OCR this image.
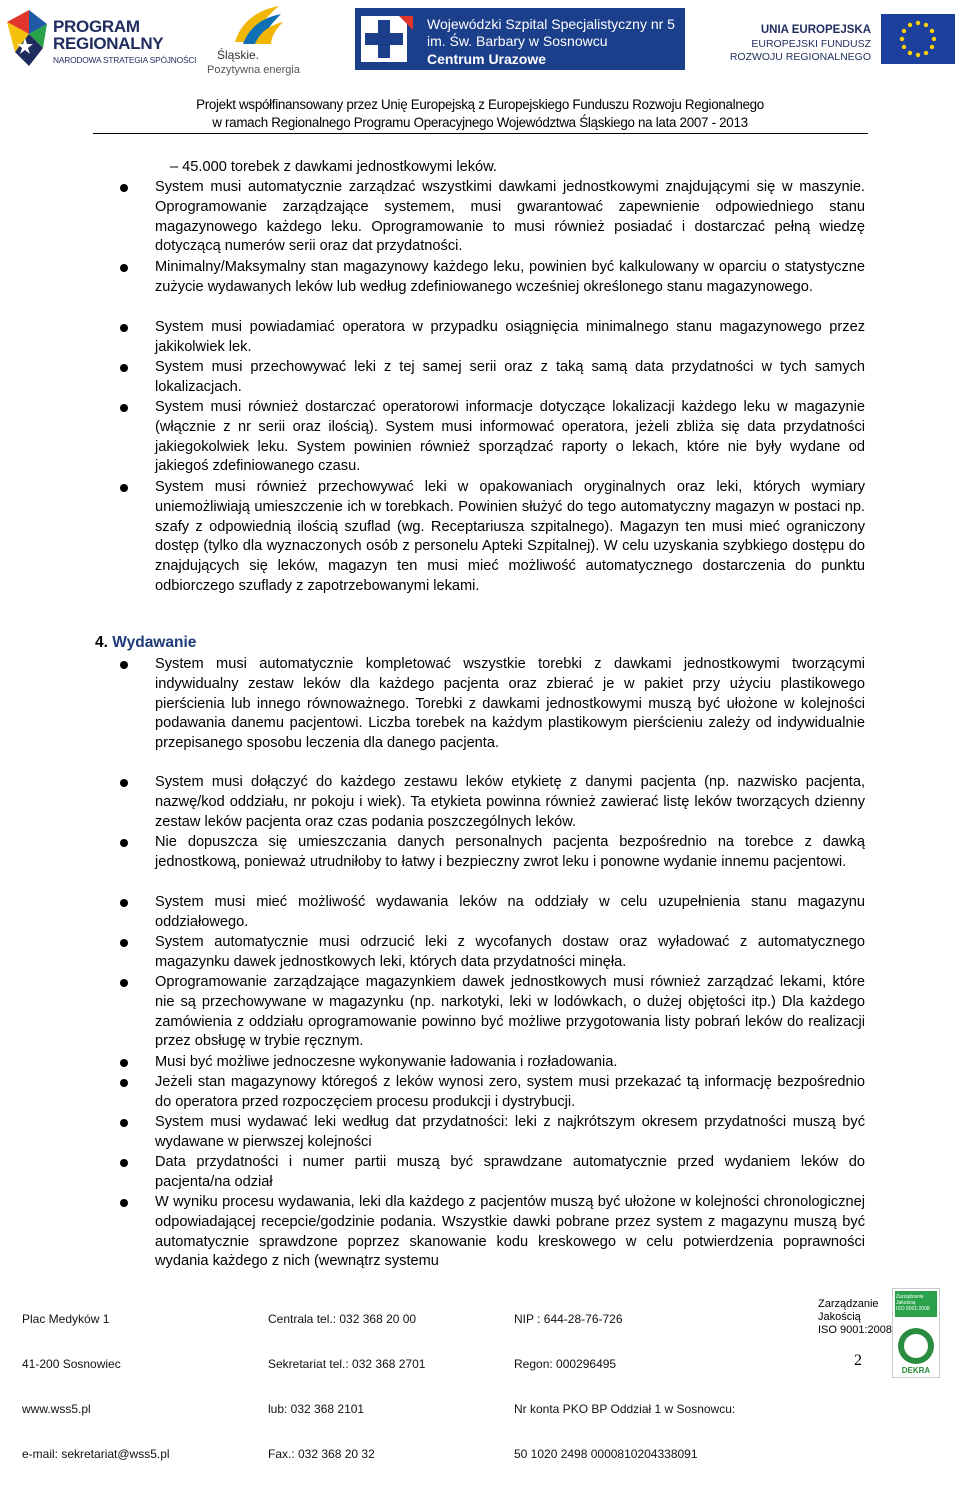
PROGRAM
REGIONALNY
NARODOWA STRATEGIA SPÓJNOŚCI Śląskie.
Pozytywna energia
Wojewódzki Szpital Specjalistyczny nr 5
im. Św. Barbary w Sosnowcu
Centrum Urazowe
UNIA EUROPEJSKA
EUROPEJSKI FUNDUSZ
ROZWOJU REGIONALNEGO
Projekt współfinansowany przez Unię Europejską z Europejskiego Funduszu Rozwoju Regionalnego
w ramach Regionalnego Programu Operacyjnego Województwa Śląskiego na lata 2007 - 2013
– 45.000 torebek z dawkami jednostkowymi leków.
System musi automatycznie zarządzać wszystkimi dawkami jednostkowymi znajdującymi się w maszynie. Oprogramowanie zarządzające systemem, musi gwarantować zapewnienie odpowiedniego stanu magazynowego każdego leku. Oprogramowanie to musi również posiadać i dostarczać pełną wiedzę dotyczącą numerów serii oraz dat przydatności.
Minimalny/Maksymalny stan magazynowy każdego leku, powinien być kalkulowany w oparciu o statystyczne zużycie wydawanych leków lub według zdefiniowanego wcześniej określonego stanu magazynowego.
System musi powiadamiać operatora w przypadku osiągnięcia minimalnego stanu magazynowego przez jakikolwiek lek.
System musi przechowywać leki z tej samej serii oraz z taką samą data przydatności w tych samych lokalizacjach.
System musi również dostarczać operatorowi informacje dotyczące lokalizacji każdego leku w magazynie (włącznie z nr serii oraz ilością). System musi informować operatora, jeżeli zbliża się data przydatności jakiegokolwiek leku. System powinien również sporządzać raporty o lekach, które nie były wydane od jakiegoś zdefiniowanego czasu.
System musi również przechowywać leki w opakowaniach oryginalnych oraz leki, których wymiary uniemożliwiają umieszczenie ich w torebkach. Powinien służyć do tego automatyczny magazyn w postaci np. szafy z odpowiednią ilością szuflad (wg. Receptariusza szpitalnego). Magazyn ten musi mieć ograniczony dostęp (tylko dla wyznaczonych osób z personelu Apteki Szpitalnej). W celu uzyskania szybkiego dostępu do znajdujących się leków, magazyn ten musi mieć możliwość automatycznego dostarczenia do punktu odbiorczego szuflady z zapotrzebowanymi lekami.
4. Wydawanie
System musi automatycznie kompletować wszystkie torebki z dawkami jednostkowymi tworzącymi indywidualny zestaw leków dla każdego pacjenta oraz zbierać je w pakiet przy użyciu plastikowego pierścienia lub innego równoważnego. Torebki z dawkami jednostkowymi muszą być ułożone w kolejności podawania danemu pacjentowi. Liczba torebek na każdym plastikowym pierścieniu zależy od indywidualnie przepisanego sposobu leczenia dla danego pacjenta.
System musi dołączyć do każdego zestawu leków etykietę z danymi pacjenta (np. nazwisko pacjenta, nazwę/kod oddziału, nr pokoju i wiek). Ta etykieta powinna również zawierać listę leków tworzących dzienny zestaw leków pacjenta oraz czas podania poszczególnych leków.
Nie dopuszcza się umieszczania danych personalnych pacjenta bezpośrednio na torebce z dawką jednostkową, ponieważ utrudniłoby to łatwy i bezpieczny zwrot leku i ponowne wydanie innemu pacjentowi.
System musi mieć możliwość wydawania leków na oddziały w celu uzupełnienia stanu magazynu oddziałowego.
System automatycznie musi odrzucić leki z wycofanych dostaw oraz wyładować z automatycznego magazynku dawek jednostkowych leki, których data przydatności minęła.
Oprogramowanie zarządzające magazynkiem dawek jednostkowych musi również zarządzać lekami, które nie są przechowywane w magazynku (np. narkotyki, leki w lodówkach, o dużej objętości itp.) Dla każdego zamówienia z oddziału oprogramowanie powinno być możliwe przygotowania listy pobrań leków do realizacji przez obsługę w trybie ręcznym.
Musi być możliwe jednoczesne wykonywanie ładowania i rozładowania.
Jeżeli stan magazynowy któregoś z leków wynosi zero, system musi przekazać tą informację bezpośrednio do operatora przed rozpoczęciem procesu produkcji i dystrybucji.
System musi wydawać leki według dat przydatności: leki z najkrótszym okresem przydatności muszą być wydawane w pierwszej kolejności
Data przydatności i numer partii muszą być sprawdzane automatycznie przed wydaniem leków do pacjenta/na odział
W wyniku procesu wydawania, leki dla każdego z pacjentów muszą być ułożone w kolejności chronologicznej odpowiadającej recepcie/godzinie podania. Wszystkie dawki pobrane przez system z magazynu muszą być automatycznie sprawdzone poprzez skanowanie kodu kreskowego w celu potwierdzenia poprawności wydania każdego z nich (wewnątrz systemu

Plac Medyków 1

41-200 Sosnowiec

www.wss5.pl

e-mail: sekretariat@wss5.pl

Centrala tel.: 032 368 20 00

Sekretariat tel.: 032 368 2701

lub: 032 368 2101

Fax.: 032 368 20 32

NIP : 644-28-76-726

Regon: 000296495

Nr konta PKO BP Oddział 1 w Sosnowcu:

50 1020 2498 0000810204338091

Zarządzanie
Jakością
ISO 9001:2008
Zarządzanie
Jakością
ISO 9001:2008
DEKRA
2
